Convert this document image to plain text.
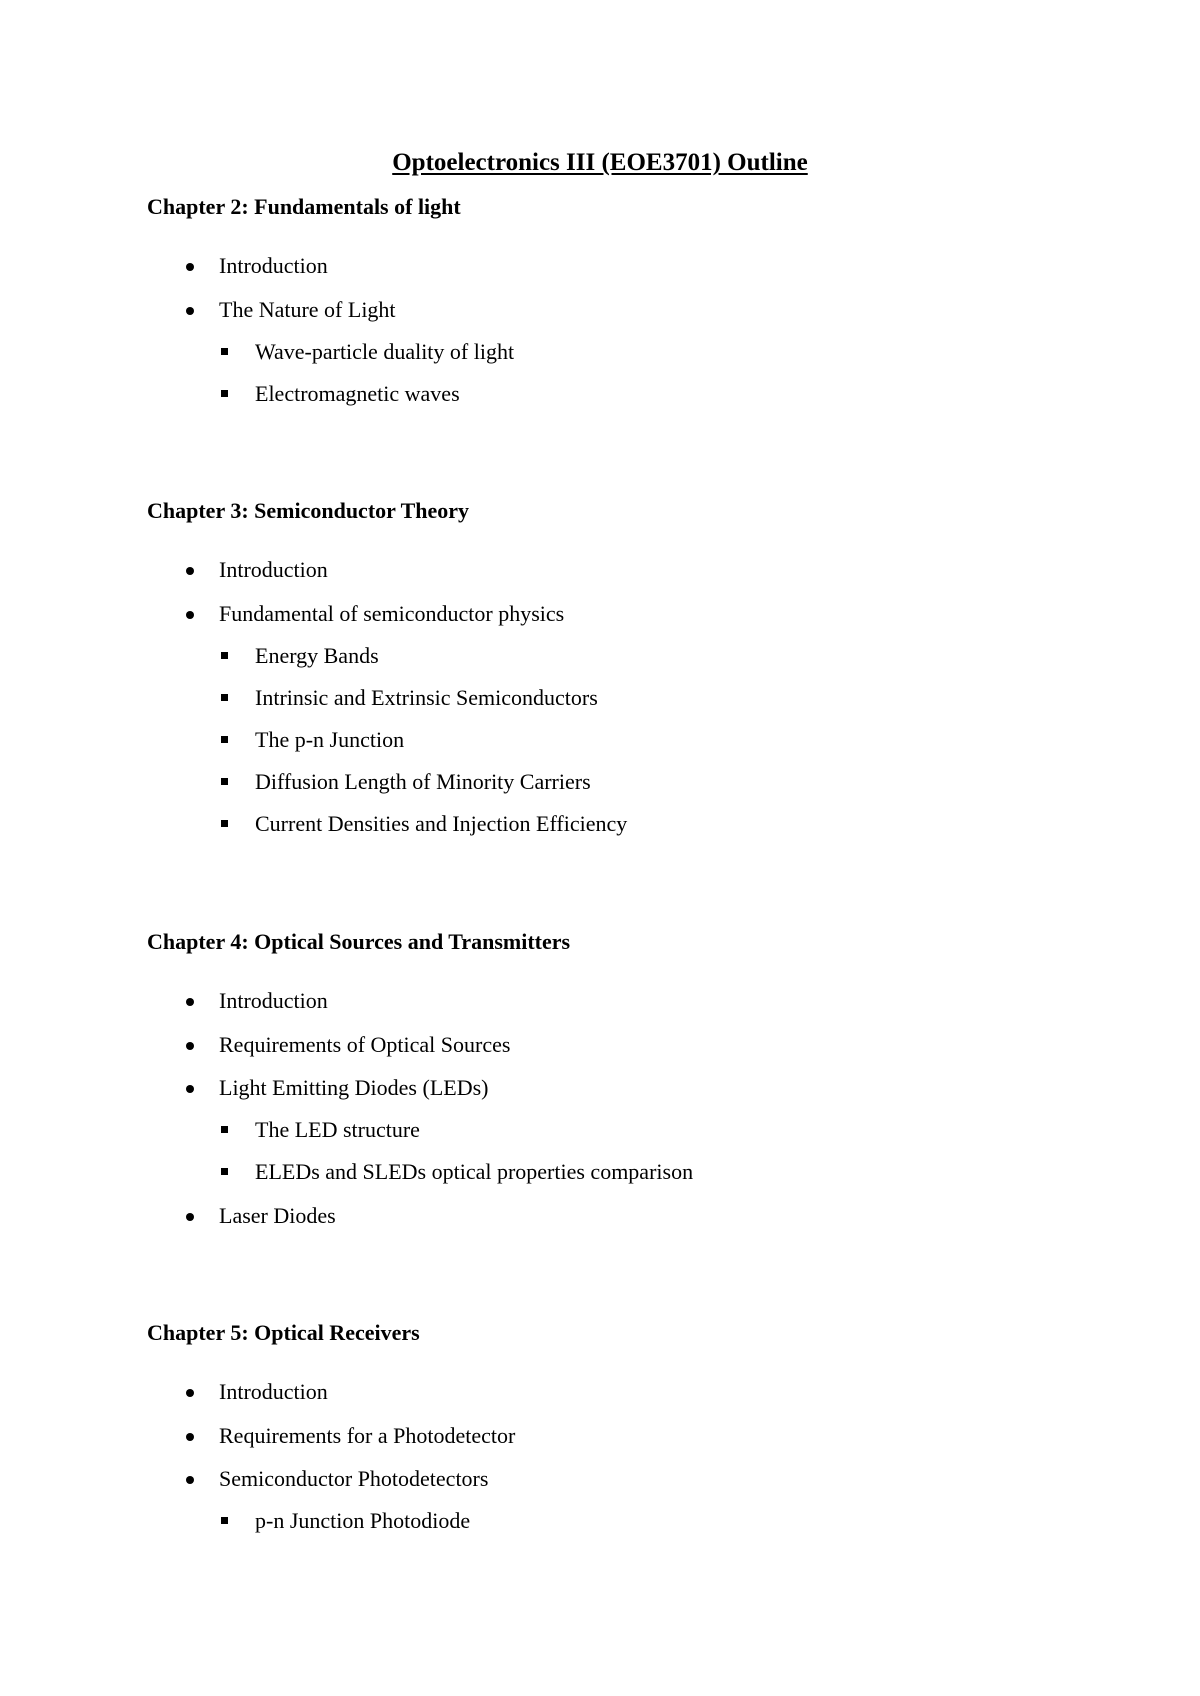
Optoelectronics III (EOE3701) Outline
Chapter 2: Fundamentals of light
Introduction
The Nature of Light
Wave-particle duality of light
Electromagnetic waves
Chapter 3: Semiconductor Theory
Introduction
Fundamental of semiconductor physics
Energy Bands
Intrinsic and Extrinsic Semiconductors
The p-n Junction
Diffusion Length of Minority Carriers
Current Densities and Injection Efficiency
Chapter 4: Optical Sources and Transmitters
Introduction
Requirements of Optical Sources
Light Emitting Diodes (LEDs)
The LED structure
ELEDs and SLEDs optical properties comparison
Laser Diodes
Chapter 5: Optical Receivers
Introduction
Requirements for a Photodetector
Semiconductor Photodetectors
p-n Junction Photodiode
